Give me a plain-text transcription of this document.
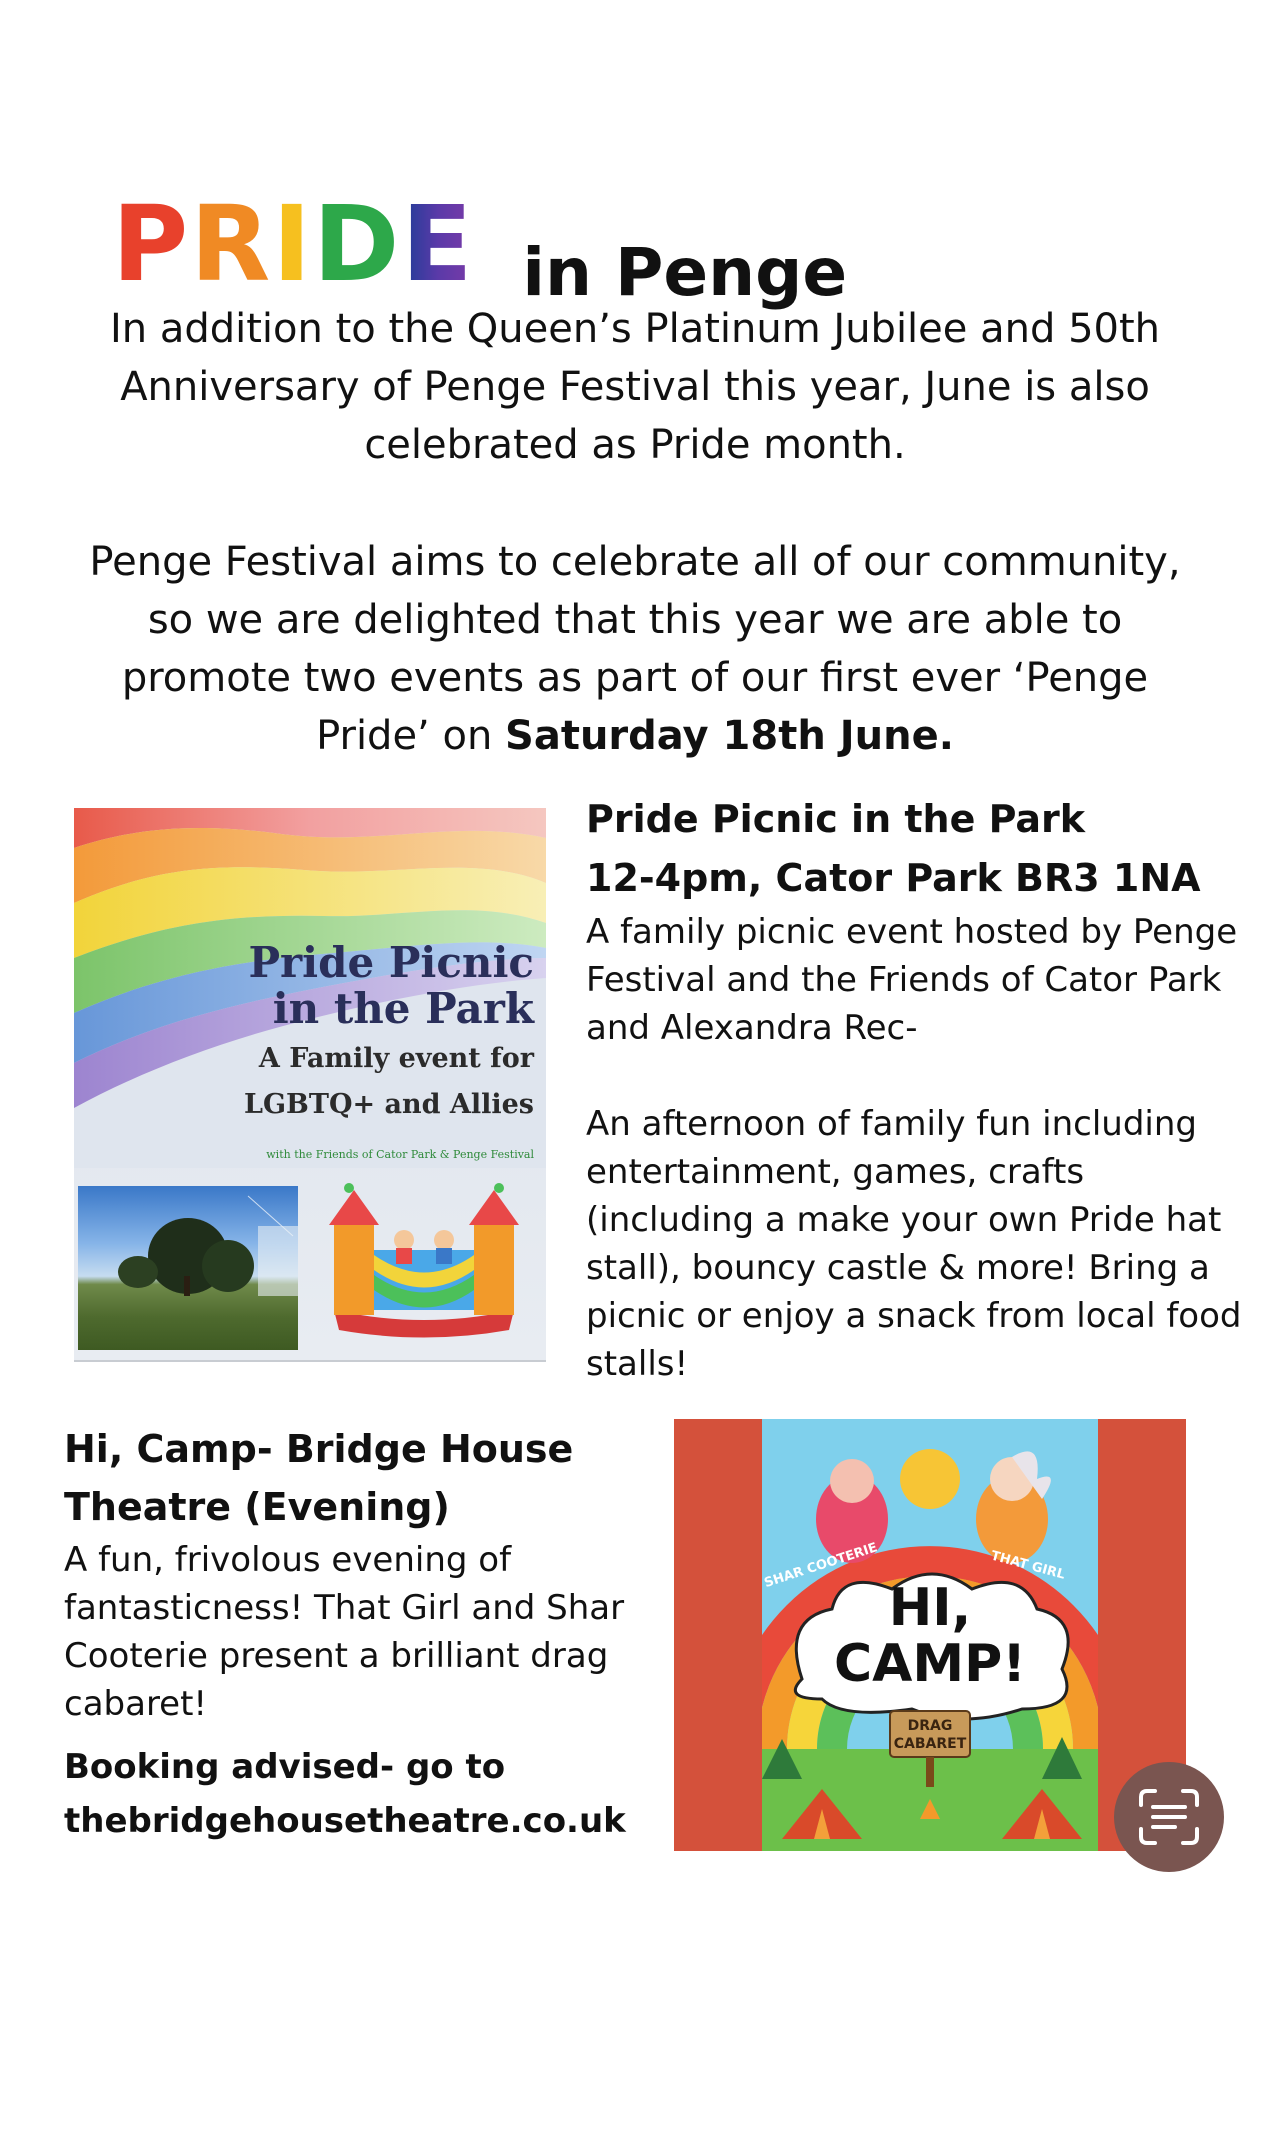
P R I D E in Penge

In addition to the Queen’s Platinum Jubilee and 50th Anniversary of Penge Festival this year, June is also celebrated as Pride month.

Penge Festival aims to celebrate all of our community, so we are delighted that this year we are able to promote two events as part of our first ever ‘Penge Pride’ on Saturday 18th June.

Pride Picnic in the Park
A Family event for LGBTQ+ and Allies
with the Friends of Cator Park & Penge Festival
Pride Picnic in the Park
12-4pm, Cator Park BR3 1NA
A family picnic event hosted by Penge Festival and the Friends of Cator Park and Alexandra Rec-
An afternoon of family fun including entertainment, games, crafts (including a make your own Pride hat stall), bouncy castle & more! Bring a picnic or enjoy a snack from local food stalls!
Hi, Camp- Bridge House Theatre (Evening)
A fun, frivolous evening of fantasticness! That Girl and Shar Cooterie present a brilliant drag cabaret!
Booking advised- go to
thebridgehousetheatre.co.uk
HI,
CAMP!
SHAR COOTERIE	THAT GIRL
DRAG
CABARET
